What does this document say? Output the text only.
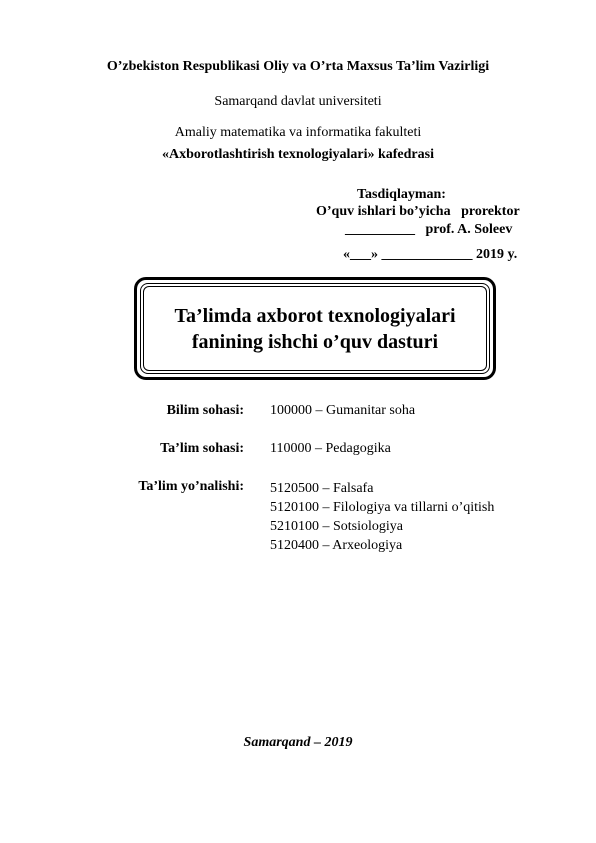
O’zbekiston Respublikasi Oliy va O’rta Maxsus Ta’lim Vazirligi
Samarqand davlat universiteti
Amaliy matematika va informatika fakulteti
«Axborotlashtirish texnologiyalari» kafedrasi
Tasdiqlayman:
O’quv ishlari bo’yicha   prorektor
__________   prof. A. Soleev
«___» _____________ 2019 y.
Ta’limda axborot texnologiyalari
fanining ishchi o’quv dasturi
Bilim sohasi: 100000 – Gumanitar soha
Ta’lim sohasi: 110000 – Pedagogika
Ta’lim yo’nalishi: 5120500 – Falsafa
5120100 – Filologiya va tillarni o’qitish
5210100 – Sotsiologiya
5120400 – Arxeologiya
Samarqand – 2019
